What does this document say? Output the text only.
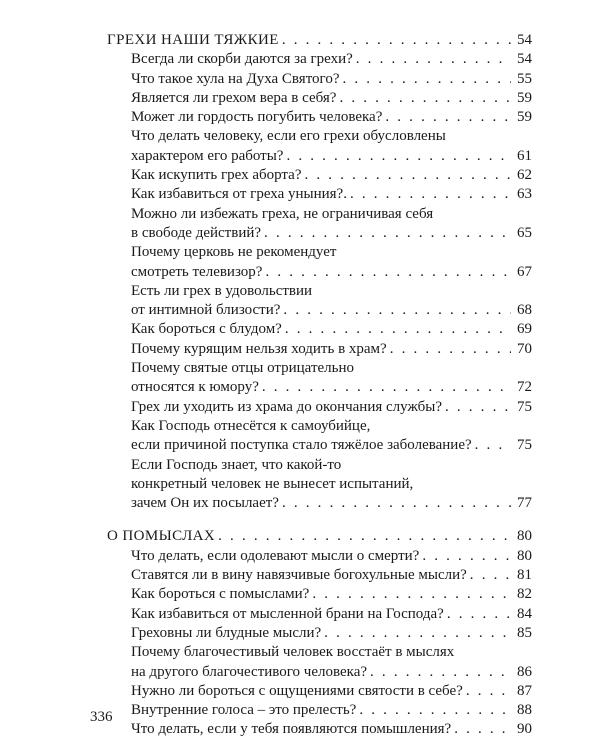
ГРЕХИ НАШИ ТЯЖКИЕ . . .	54
Всегда ли скорби даются за грехи? . . .	54
Что такое хула на Духа Святого? . . .	55
Является ли грехом вера в себя? . . .	59
Может ли гордость погубить человека? . . .	59
Что делать человеку, если его грехи обусловлены
характером его работы? . . .	61
Как искупить грех аборта? . . .	62
Как избавиться от греха уныния?. . . .	63
Можно ли избежать греха, не ограничивая себя
в свободе действий? . . .	65
Почему церковь не рекомендует
смотреть телевизор? . . .	67
Есть ли грех в удовольствии
от интимной близости? . . .	68
Как бороться с блудом? . . .	69
Почему курящим нельзя ходить в храм? . . .	70
Почему святые отцы отрицательно
относятся к юмору? . . .	72
Грех ли уходить из храма до окончания службы? . . .	75
Как Господь отнесётся к самоубийце,
если причиной поступка стало тяжёлое заболевание? . . .	75
Если Господь знает, что какой-то
конкретный человек не вынесет испытаний,
зачем Он их посылает? . . .	77
О ПОМЫСЛАХ . . .	80
Что делать, если одолевают мысли о смерти? . . .	80
Ставятся ли в вину навязчивые богохульные мысли? . . .	81
Как бороться с помыслами? . . .	82
Как избавиться от мысленной брани на Господа? . . .	84
Греховны ли блудные мысли? . . .	85
Почему благочестивый человек восстаёт в мыслях
на другого благочестивого человека? . . .	86
Нужно ли бороться с ощущениями святости в себе? . . .	87
Внутренние голоса – это прелесть? . . .	88
Что делать, если у тебя появляются помышления? . . .	90
336
